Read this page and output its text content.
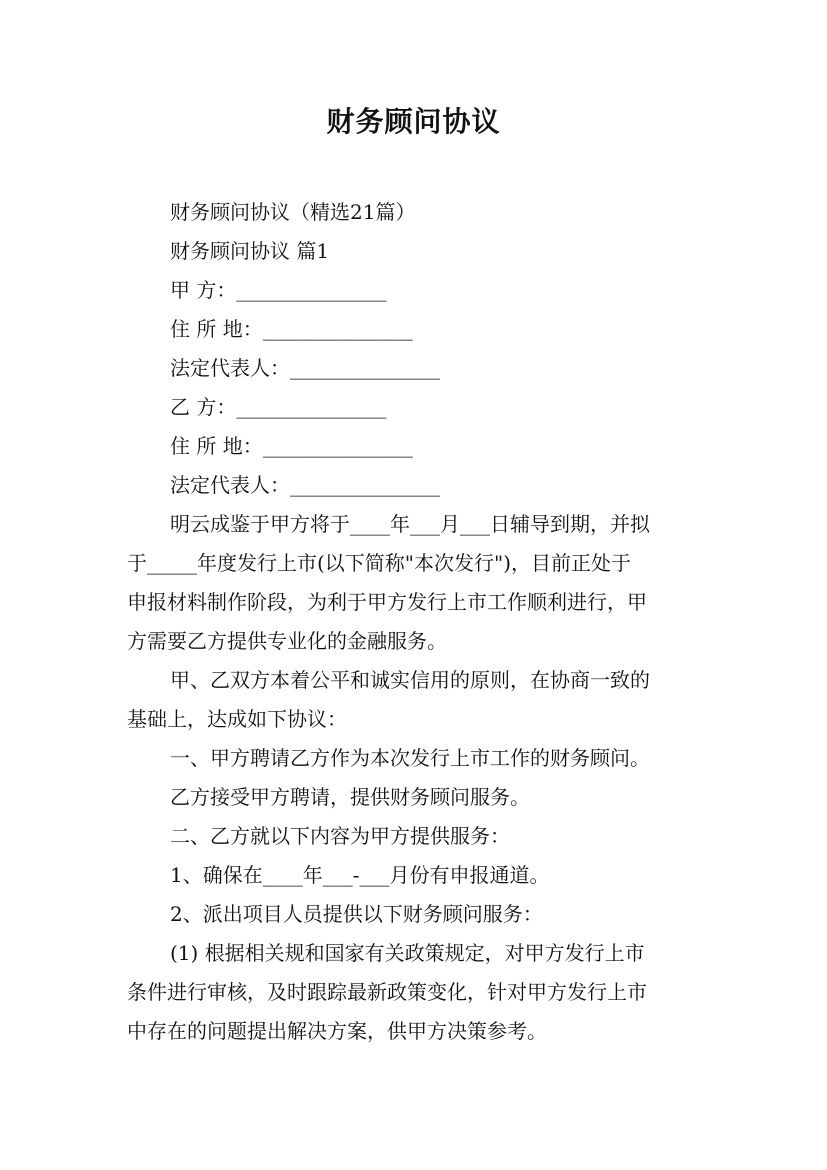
财务顾问协议
财务顾问协议（精选21篇）
财务顾问协议 篇1
甲 方：_______________
住 所 地：_______________
法定代表人：_______________
乙 方：_______________
住 所 地：_______________
法定代表人：_______________
明云成鉴于甲方将于____年___月___日辅导到期，并拟
于_____年度发行上市(以下简称"本次发行")，目前正处于
申报材料制作阶段，为利于甲方发行上市工作顺利进行，甲
方需要乙方提供专业化的金融服务。
甲、乙双方本着公平和诚实信用的原则，在协商一致的
基础上，达成如下协议：
一、甲方聘请乙方作为本次发行上市工作的财务顾问。
乙方接受甲方聘请，提供财务顾问服务。
二、乙方就以下内容为甲方提供服务：
1、确保在____年___-___月份有申报通道。
2、派出项目人员提供以下财务顾问服务：
(1) 根据相关规和国家有关政策规定，对甲方发行上市
条件进行审核，及时跟踪最新政策变化，针对甲方发行上市
中存在的问题提出解决方案，供甲方决策参考。
